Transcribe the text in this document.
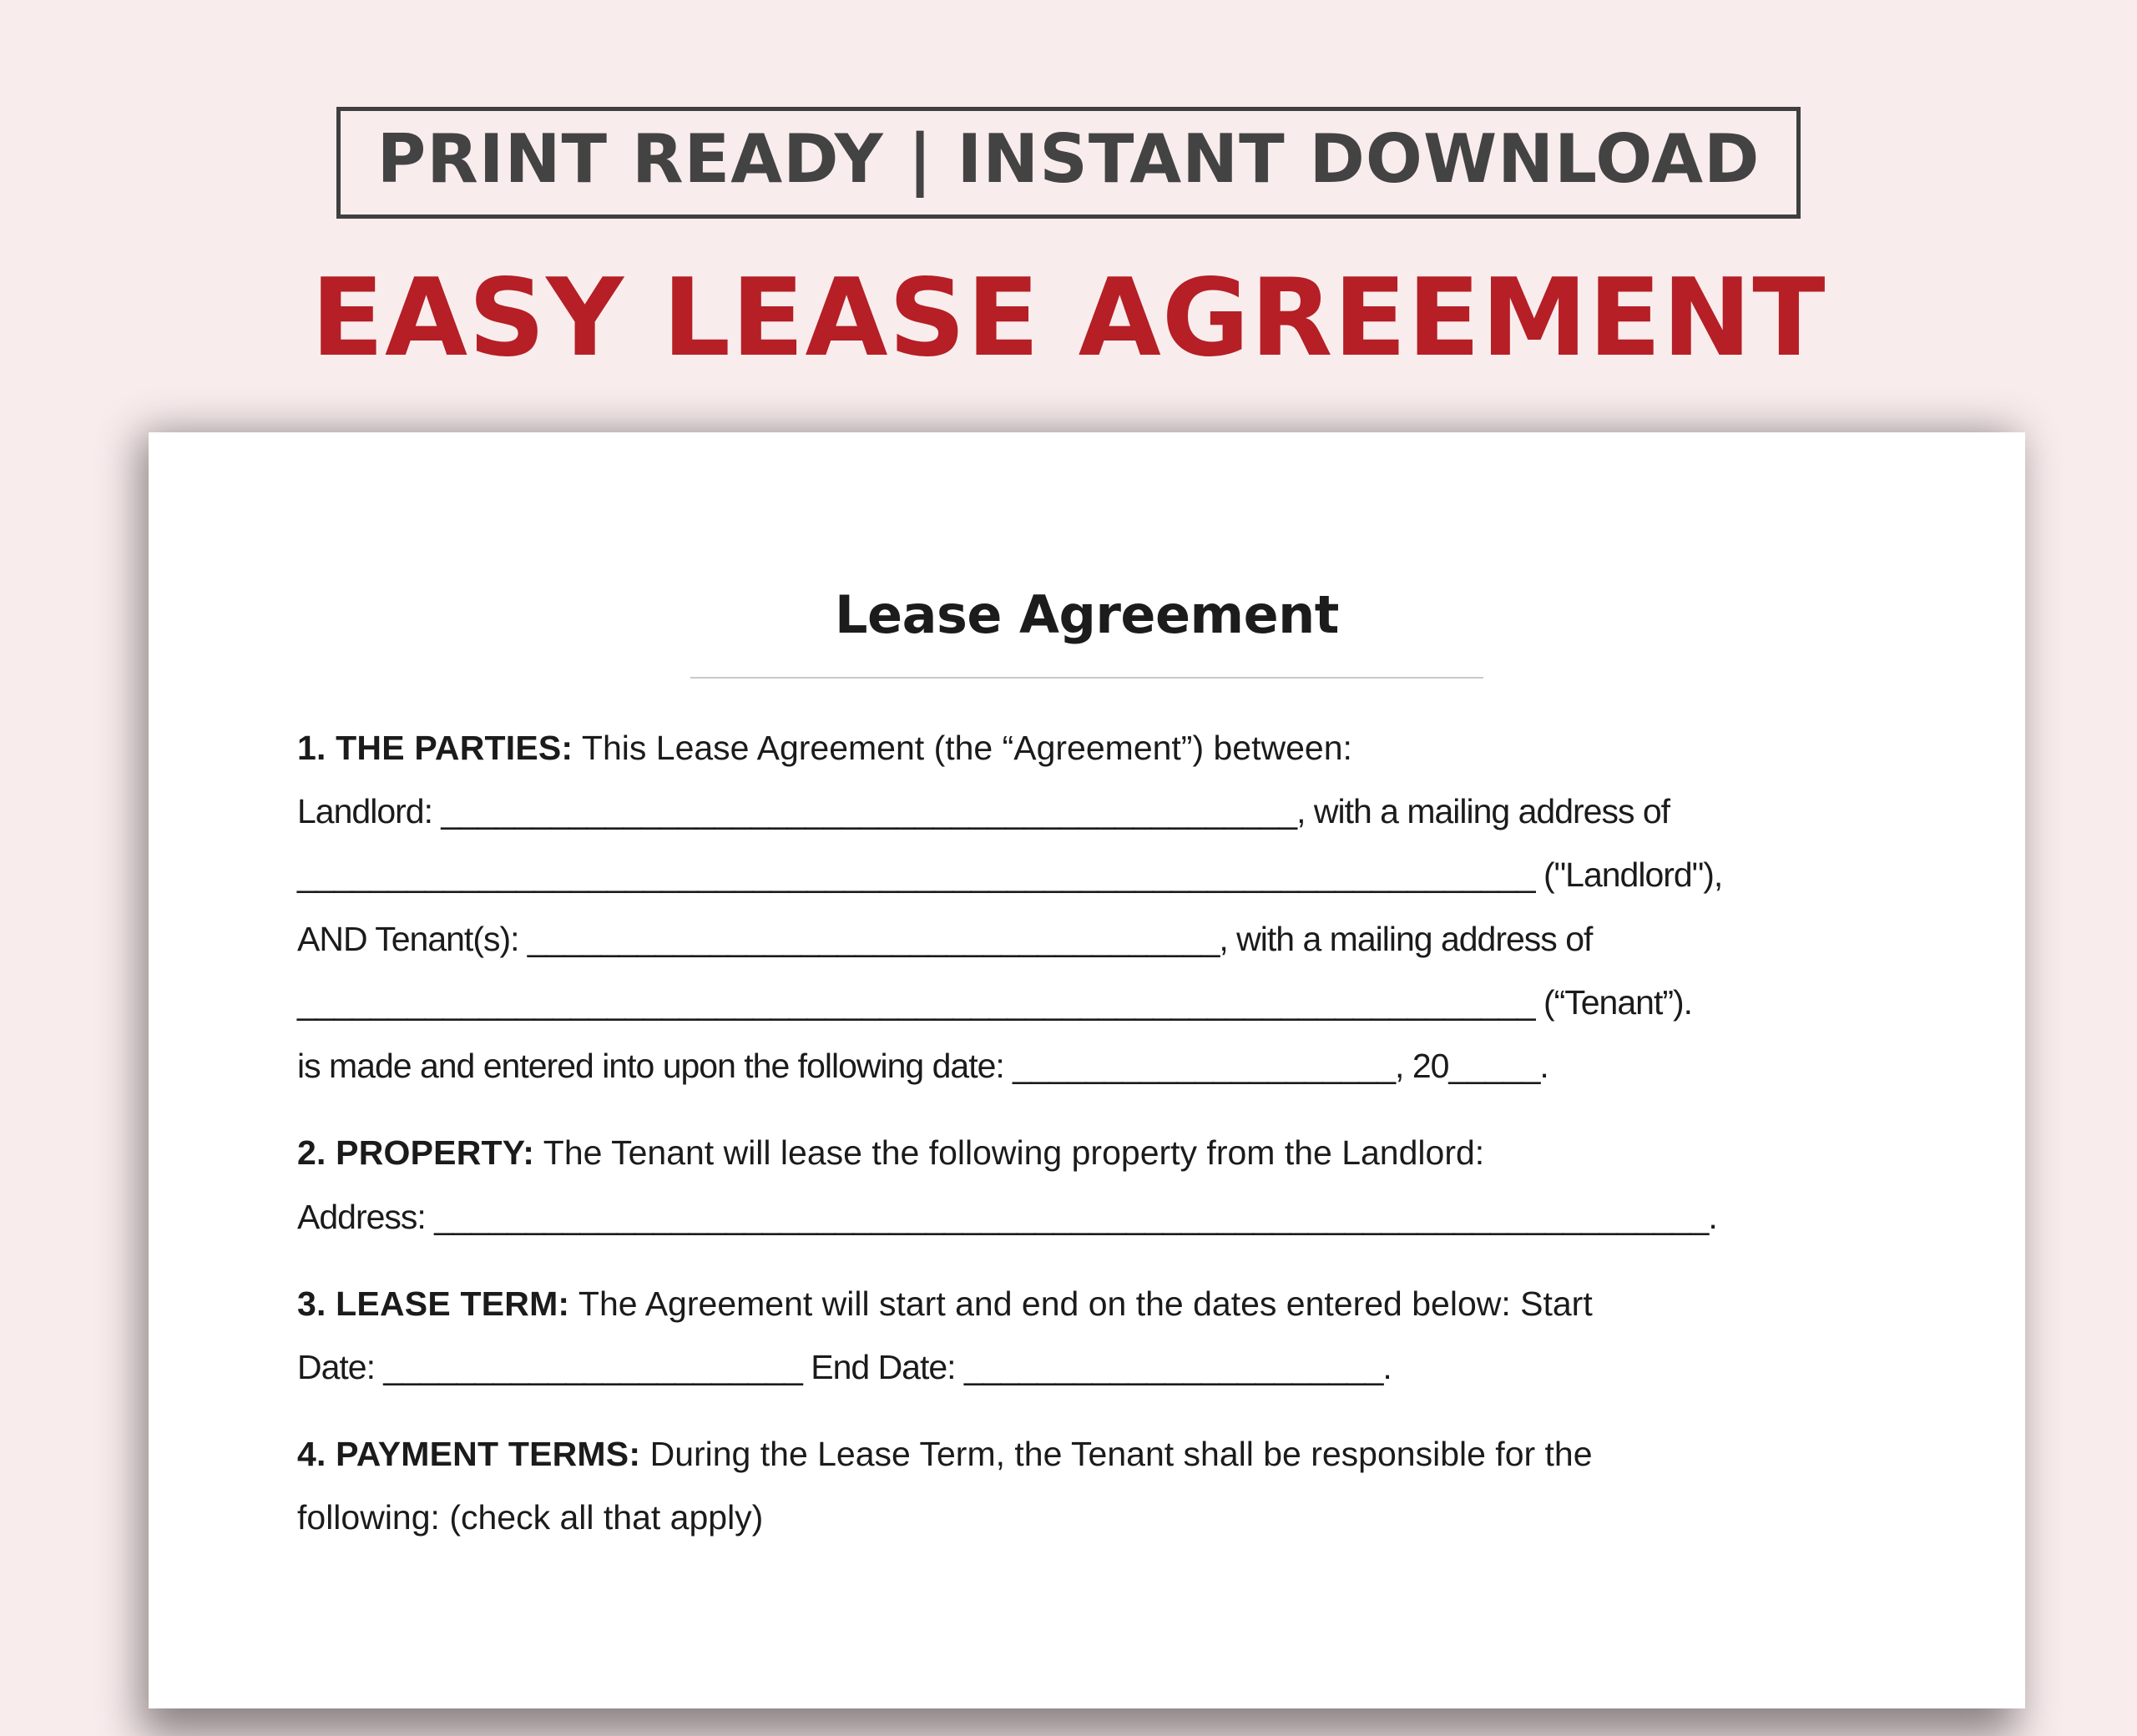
PRINT READY | INSTANT DOWNLOAD
EASY LEASE AGREEMENT
Lease Agreement
1. THE PARTIES: This Lease Agreement (the “Agreement”) between:
Landlord: _______________________________________________, with a mailing address of
____________________________________________________________________ ("Landlord"),
AND Tenant(s): ______________________________________, with a mailing address of
____________________________________________________________________ (“Tenant”).
is made and entered into upon the following date: _____________________, 20_____.
2. PROPERTY: The Tenant will lease the following property from the Landlord:
Address: ______________________________________________________________________.
3. LEASE TERM: The Agreement will start and end on the dates entered below: Start
Date: _______________________ End Date: _______________________.
4. PAYMENT TERMS: During the Lease Term, the Tenant shall be responsible for the
following: (check all that apply)
